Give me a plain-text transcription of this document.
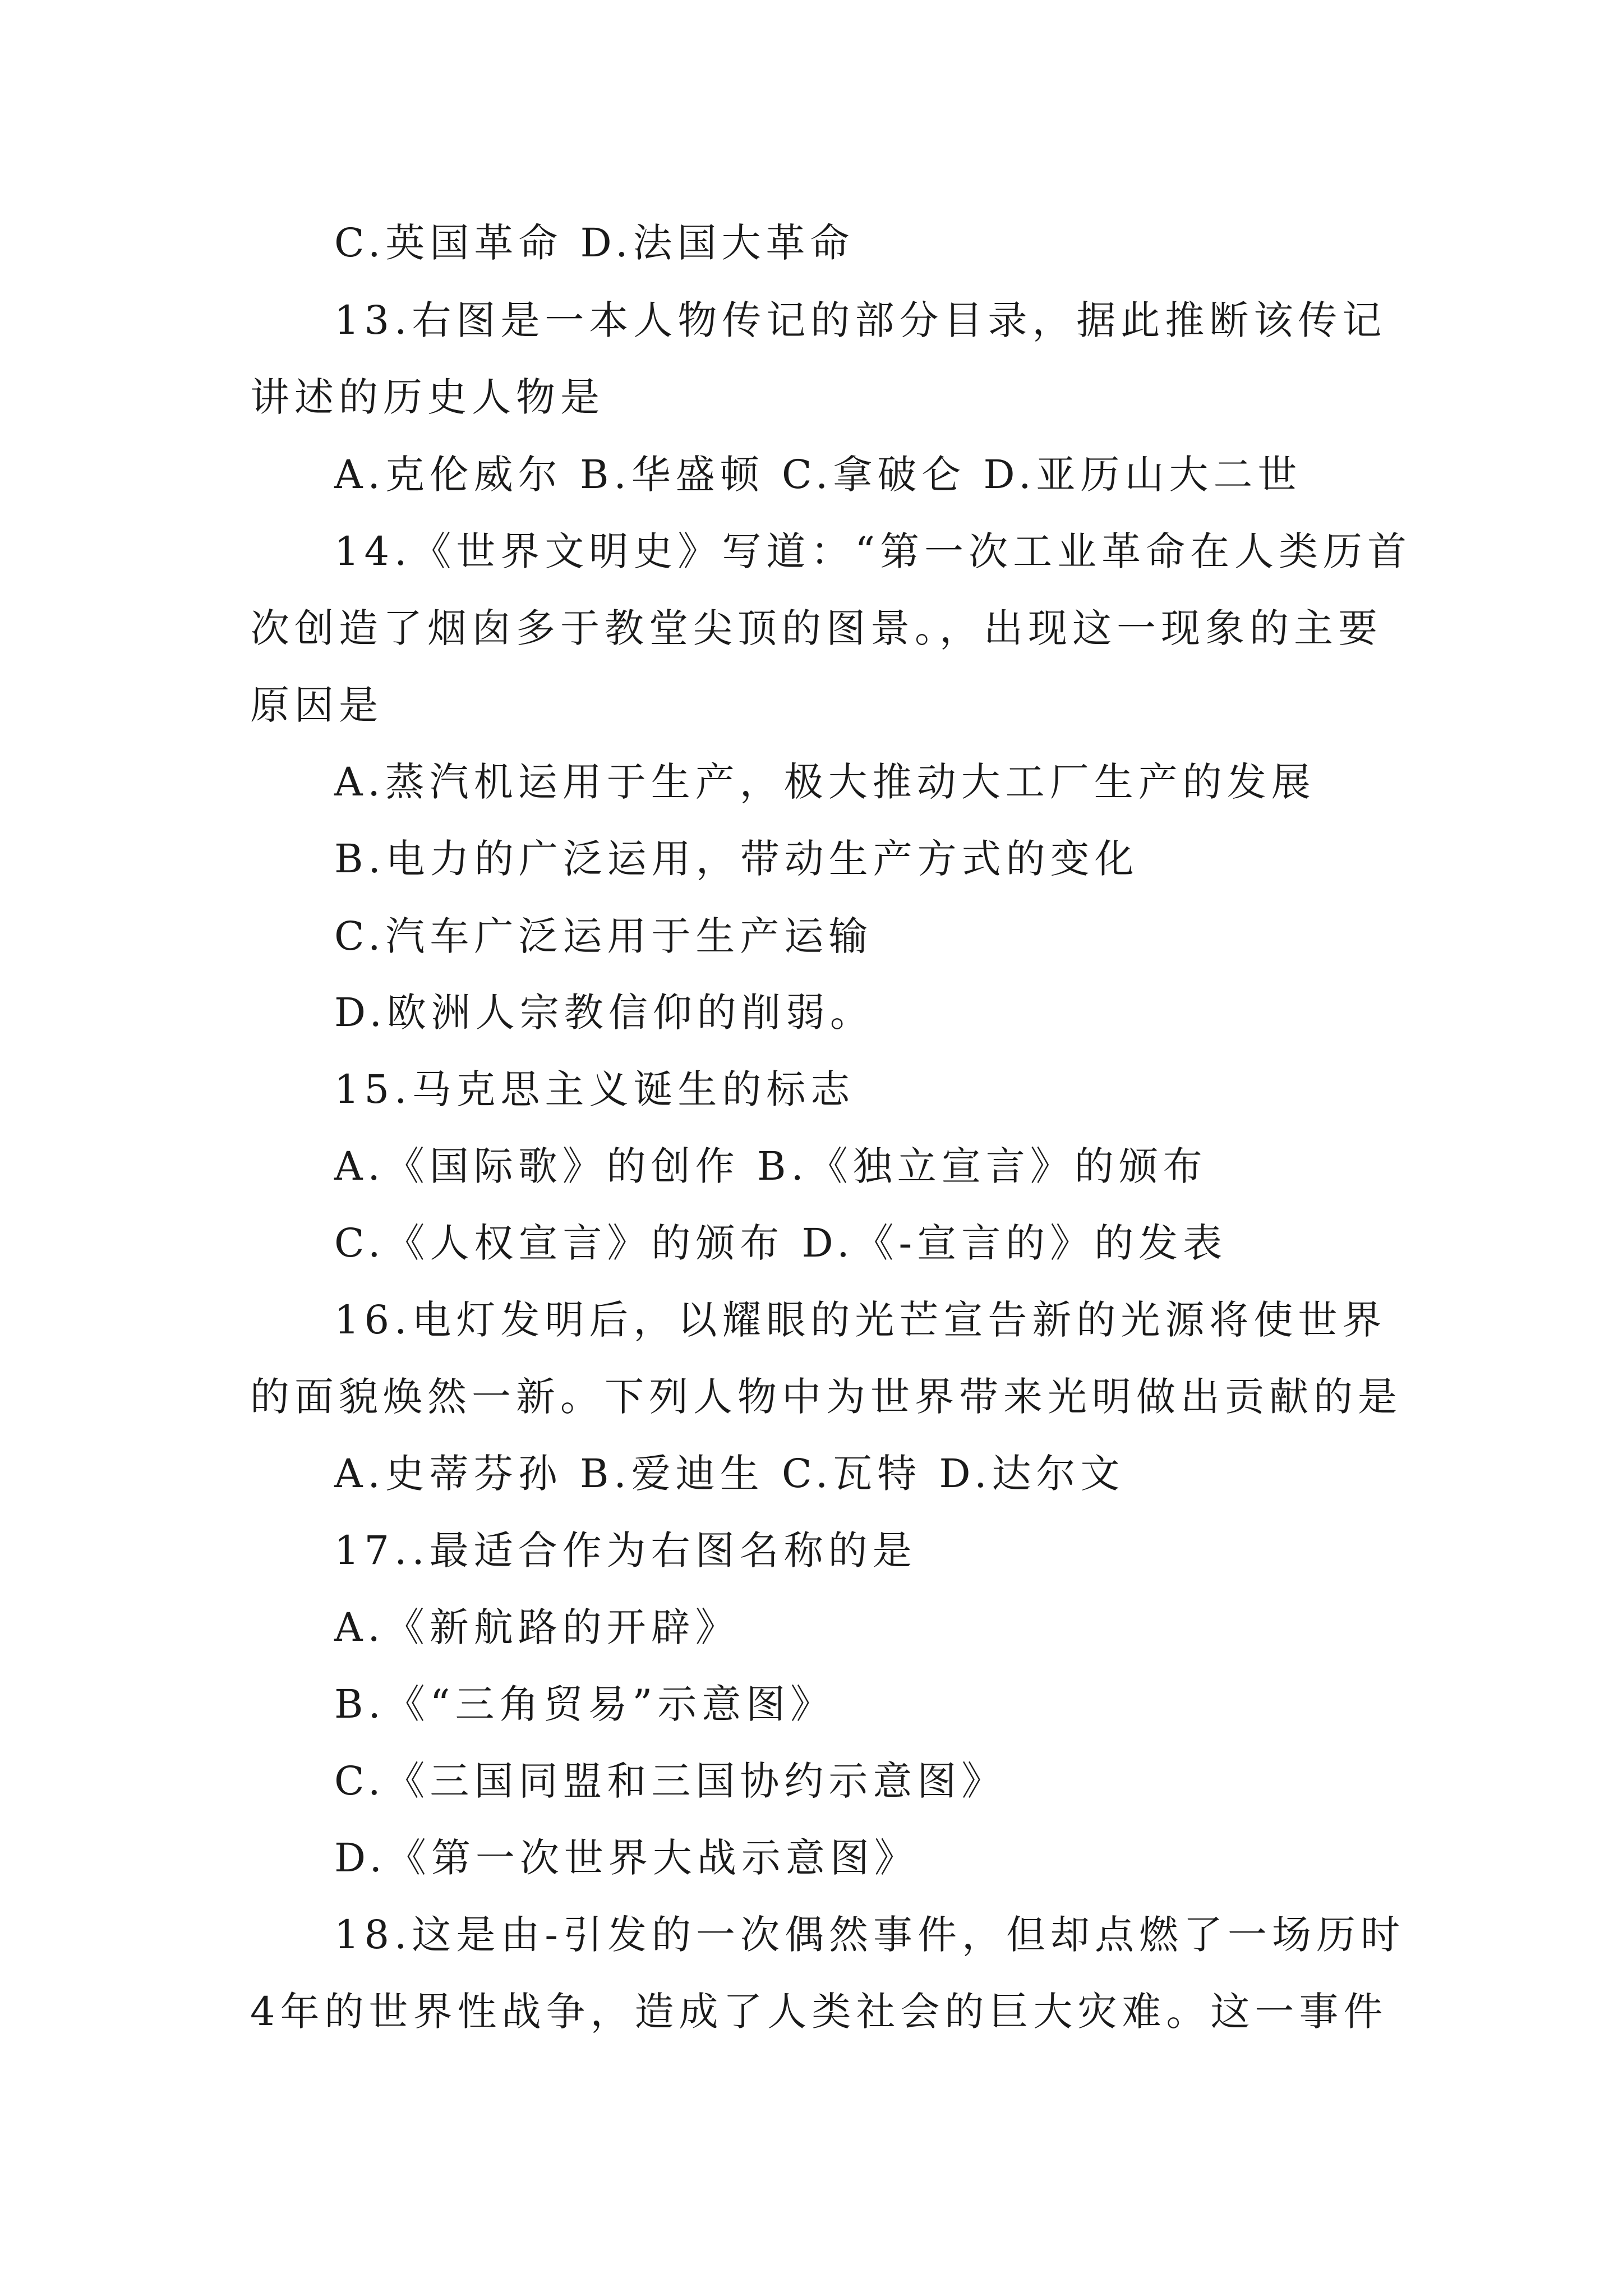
C.英国革命 D.法国大革命
13.右图是一本人物传记的部分目录，据此推断该传记
讲述的历史人物是
A.克伦威尔 B.华盛顿 C.拿破仑 D.亚历山大二世
14.《世界文明史》写道：“第一次工业革命在人类历首
次创造了烟囱多于教堂尖顶的图景。，出现这一现象的主要
原因是
A.蒸汽机运用于生产，极大推动大工厂生产的发展
B.电力的广泛运用，带动生产方式的变化
C.汽车广泛运用于生产运输
D.欧洲人宗教信仰的削弱。
15.马克思主义诞生的标志
A.《国际歌》的创作 B.《独立宣言》的颁布
C.《人权宣言》的颁布 D.《-宣言的》的发表
16.电灯发明后，以耀眼的光芒宣告新的光源将使世界
的面貌焕然一新。下列人物中为世界带来光明做出贡献的是
A.史蒂芬孙 B.爱迪生 C.瓦特 D.达尔文
17..最适合作为右图名称的是
A.《新航路的开辟》
B.《“三角贸易”示意图》
C.《三国同盟和三国协约示意图》
D.《第一次世界大战示意图》
18.这是由-引发的一次偶然事件，但却点燃了一场历时
4年的世界性战争，造成了人类社会的巨大灾难。这一事件
